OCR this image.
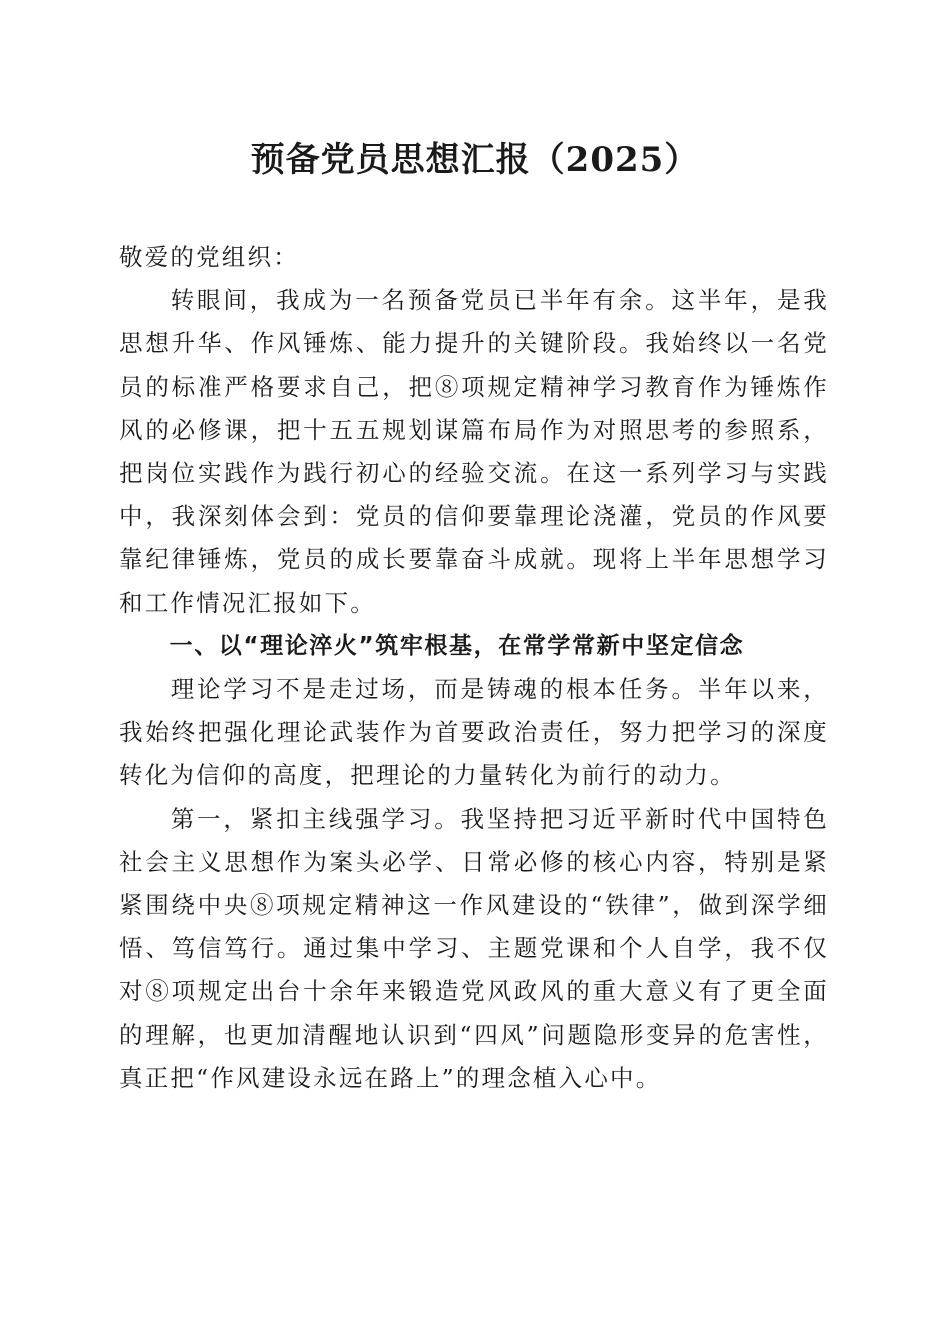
预备党员思想汇报（2025）

敬爱的党组织：

转眼间，我成为一名预备党员已半年有余。这半年，是我思想升华、作风锤炼、能力提升的关键阶段。我始终以一名党员的标准严格要求自己，把⑧项规定精神学习教育作为锤炼作风的必修课，把十五五规划谋篇布局作为对照思考的参照系，把岗位实践作为践行初心的经验交流。在这一系列学习与实践中，我深刻体会到：党员的信仰要靠理论浇灌，党员的作风要靠纪律锤炼，党员的成长要靠奋斗成就。现将上半年思想学习和工作情况汇报如下。

一、以“理论淬火”筑牢根基，在常学常新中坚定信念

理论学习不是走过场，而是铸魂的根本任务。半年以来，我始终把强化理论武装作为首要政治责任，努力把学习的深度转化为信仰的高度，把理论的力量转化为前行的动力。

第一，紧扣主线强学习。我坚持把习近平新时代中国特色社会主义思想作为案头必学、日常必修的核心内容，特别是紧紧围绕中央⑧项规定精神这一作风建设的“铁律”，做到深学细悟、笃信笃行。通过集中学习、主题党课和个人自学，我不仅对⑧项规定出台十余年来锻造党风政风的重大意义有了更全面的理解，也更加清醒地认识到“四风”问题隐形变异的危害性，真正把“作风建设永远在路上”的理念植入心中。
